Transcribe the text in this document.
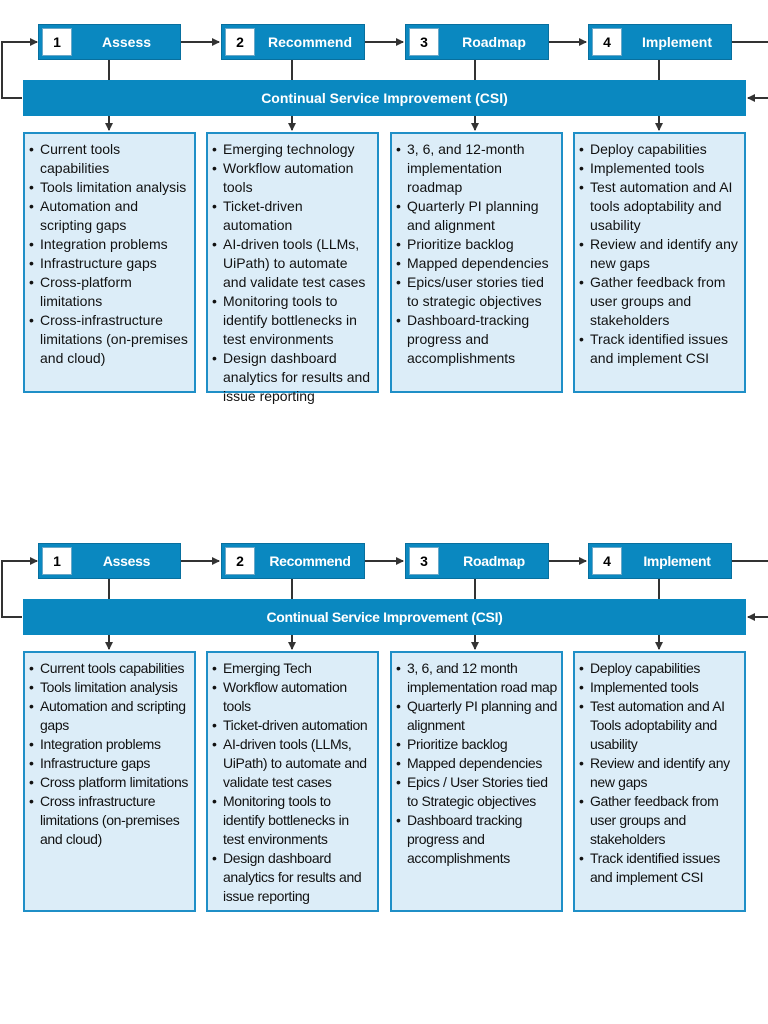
1	Assess	2	Recommend	3	Roadmap	4	Implement
Continual Service Improvement (CSI)
• Current tools capabilities
• Tools limitation analysis
• Automation and scripting gaps
• Integration problems
• Infrastructure gaps
• Cross-platform limitations
• Cross-infrastructure limitations (on-premises and cloud)
• Emerging technology
• Workflow automation tools
• Ticket-driven automation
• AI-driven tools (LLMs, UiPath) to automate and validate test cases
• Monitoring tools to identify bottlenecks in test environments
• Design dashboard analytics for results and issue reporting
• 3, 6, and 12-month implementation roadmap
• Quarterly PI planning and alignment
• Prioritize backlog
• Mapped dependencies
• Epics/user stories tied to strategic objectives
• Dashboard-tracking progress and accomplishments
• Deploy capabilities
• Implemented tools
• Test automation and AI tools adoptability and usability
• Review and identify any new gaps
• Gather feedback from user groups and stakeholders
• Track identified issues and implement CSI
1	Assess	2	Recommend	3	Roadmap	4	Implement
Continual Service Improvement (CSI)
• Current tools capabilities
• Tools limitation analysis
• Automation and scripting gaps
• Integration problems
• Infrastructure gaps
• Cross platform limitations
• Cross infrastructure limitations (on-premises and cloud)
• Emerging Tech
• Workflow automation tools
• Ticket-driven automation
• AI-driven tools (LLMs, UiPath) to automate and validate test cases
• Monitoring tools to identify bottlenecks in test environments
• Design dashboard analytics for results and issue reporting
• 3, 6, and 12 month implementation road map
• Quarterly PI planning and alignment
• Prioritize backlog
• Mapped dependencies
• Epics / User Stories tied to Strategic objectives
• Dashboard tracking progress and accomplishments
• Deploy capabilities
• Implemented tools
• Test automation and AI Tools adoptability and usability
• Review and identify any new gaps
• Gather feedback from user groups and stakeholders
• Track identified issues and implement CSI
